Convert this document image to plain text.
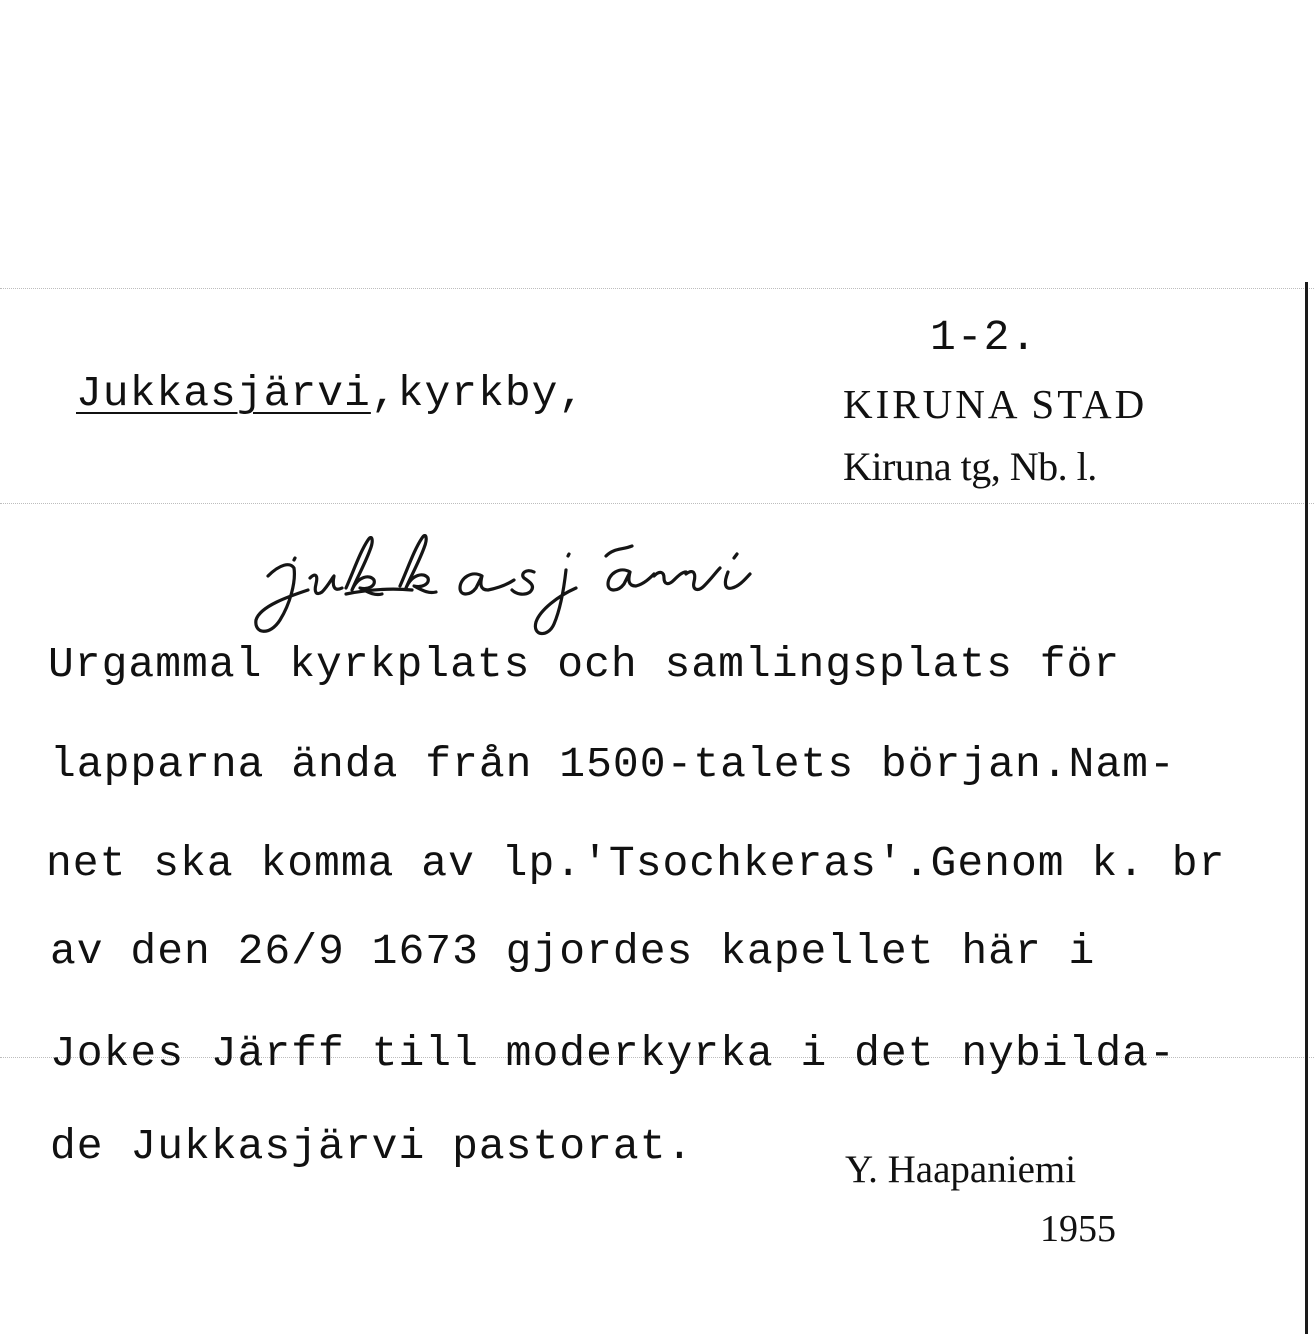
1-2.
Jukkasjärvi,kyrkby,	KIRUNA STAD
Kiruna tg, Nb. l.
Urgammal kyrkplats och samlingsplats för
lapparna ända från 1500-talets början.Nam-
net ska komma av lp.'Tsochkeras'.Genom k. br
av den 26/9 1673 gjordes kapellet här i
Jokes Järff till moderkyrka i det nybilda-
de Jukkasjärvi pastorat.	Y. Haapaniemi
1955
